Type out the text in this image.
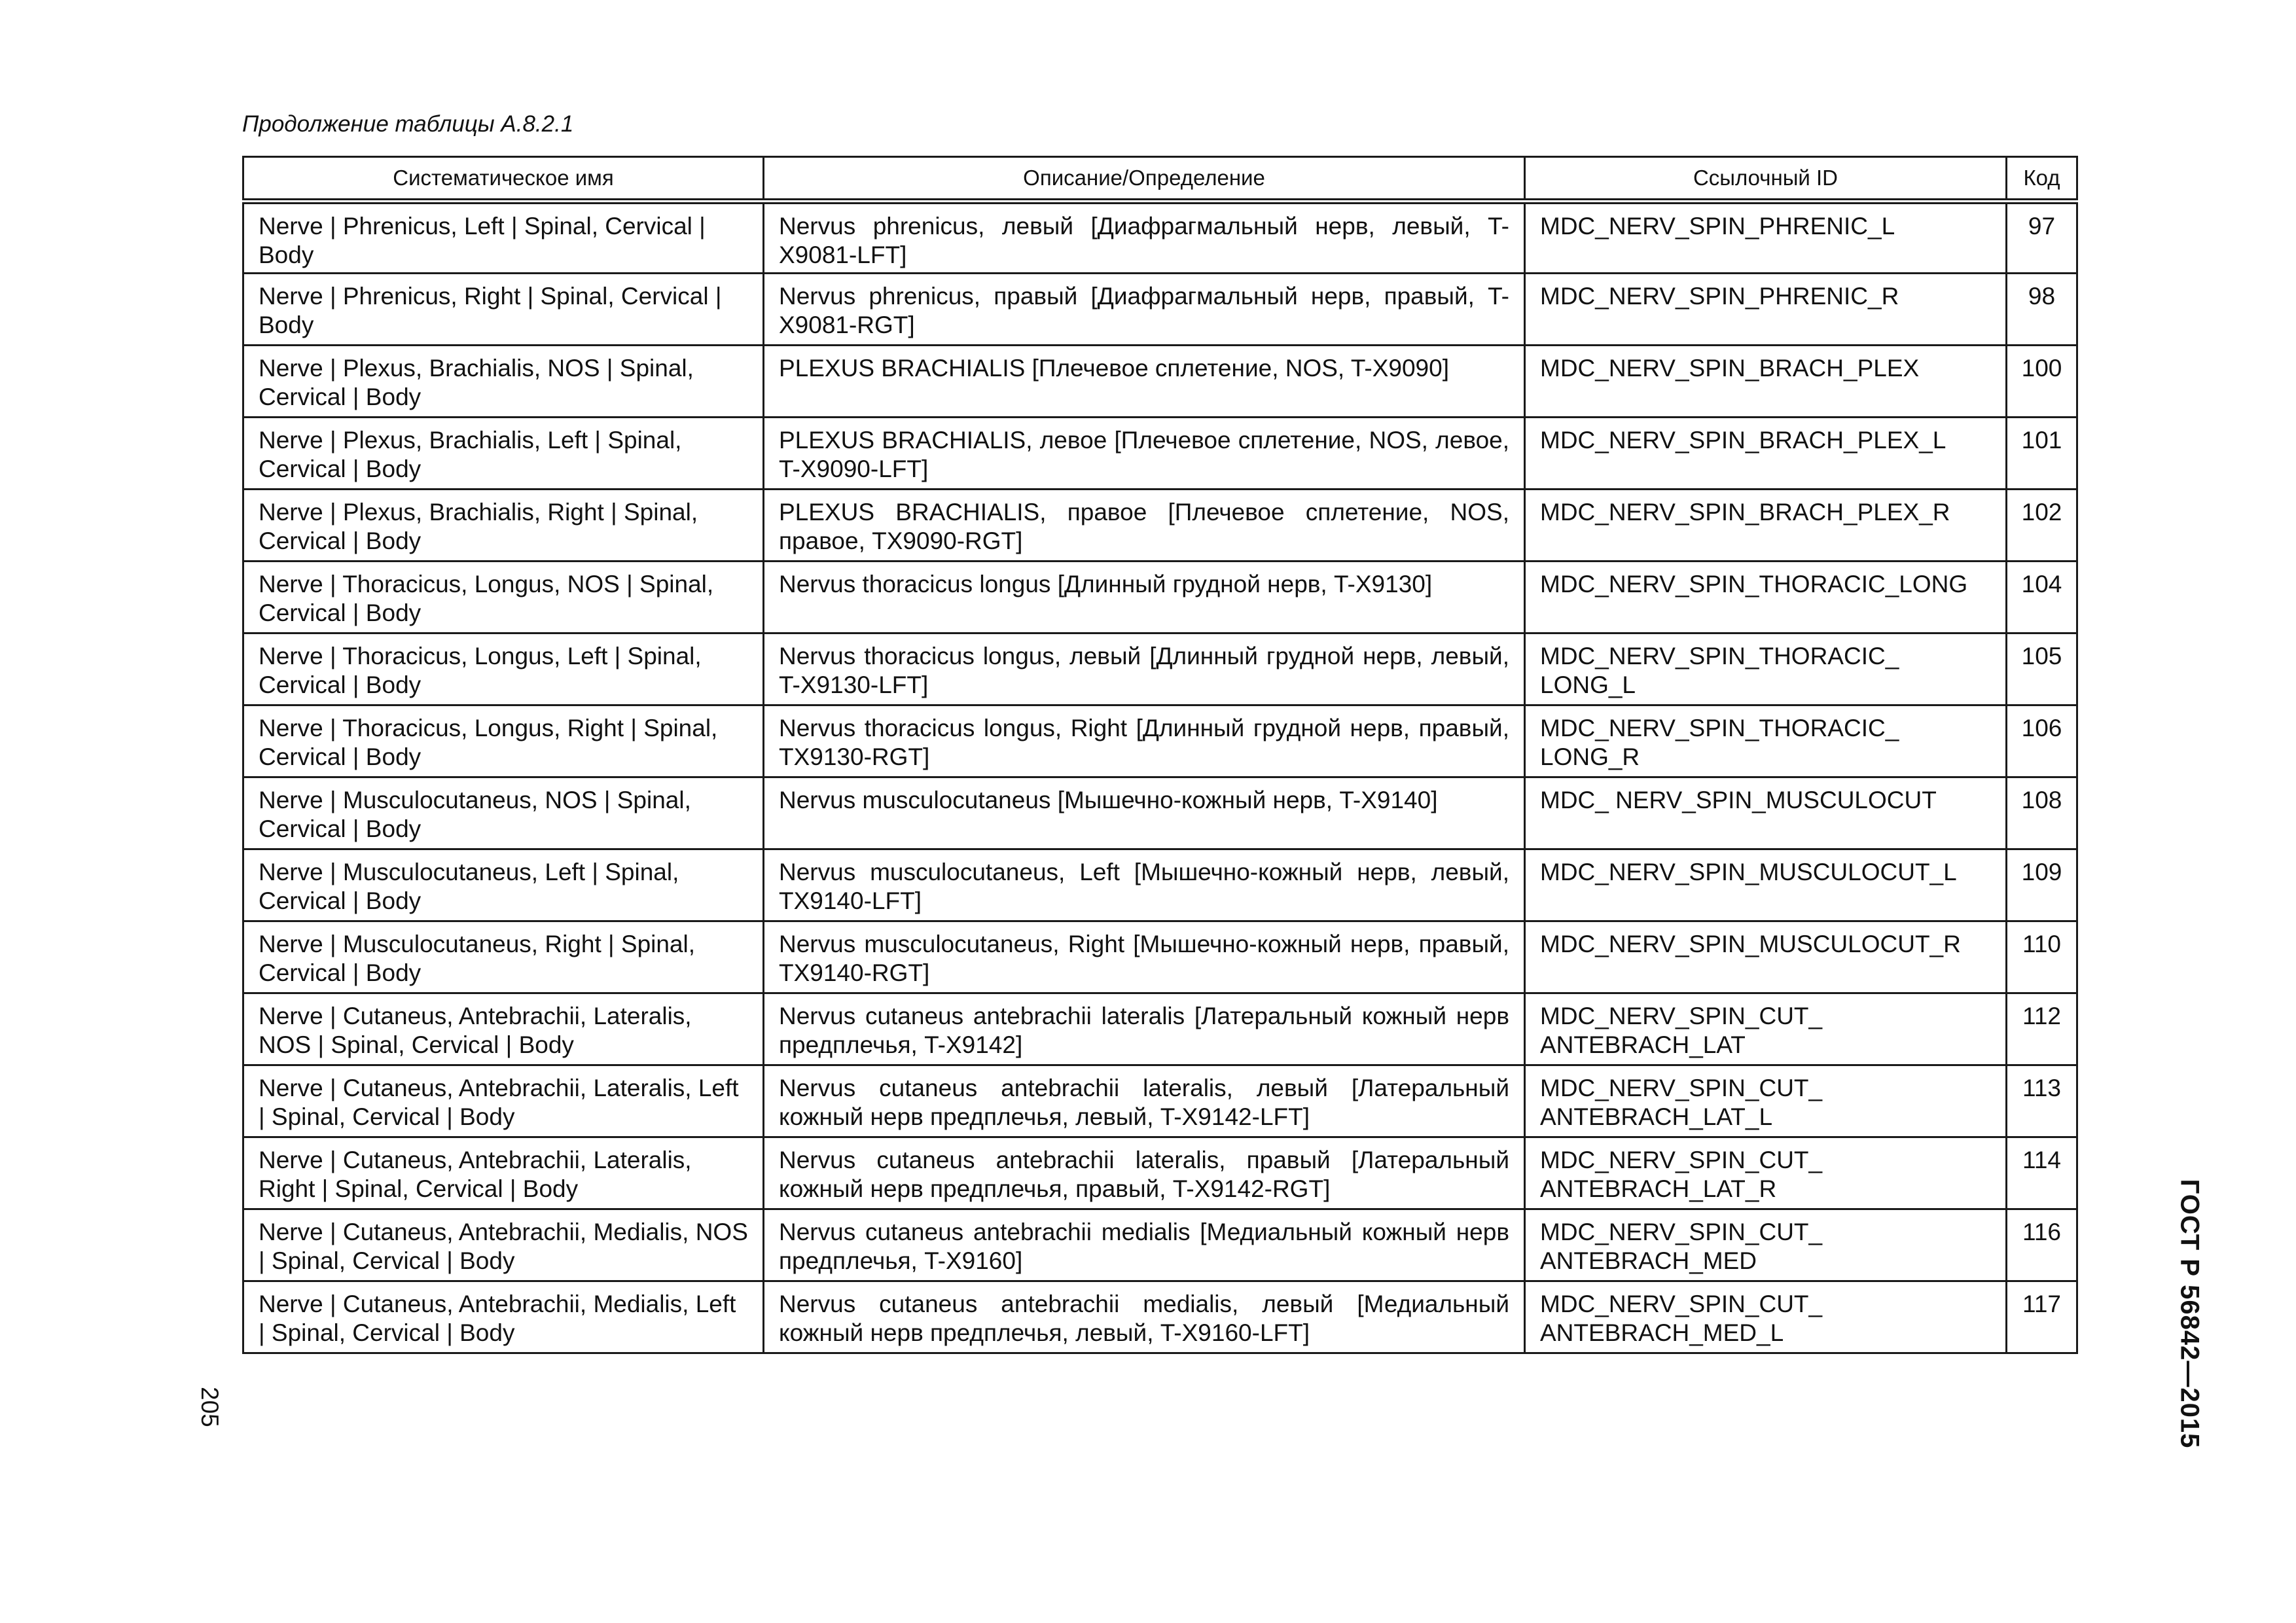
Продолжение таблицы А.8.2.1
Систематическое имя	Описание/Определение	Ссылочный ID	Код
Nerve | Phrenicus, Left | Spinal, Cervical | Body	Nervus phrenicus, левый [Диафрагмальный нерв, левый, T-X9081-LFT]	MDC_NERV_SPIN_PHRENIC_L	97
Nerve | Phrenicus, Right | Spinal, Cervical | Body	Nervus phrenicus, правый [Диафрагмальный нерв, правый, T-X9081-RGT]	MDC_NERV_SPIN_PHRENIC_R	98
Nerve | Plexus, Brachialis, NOS | Spinal, Cervical | Body	PLEXUS BRACHIALIS [Плечевое сплетение, NOS, T-X9090]	MDC_NERV_SPIN_BRACH_PLEX	100
Nerve | Plexus, Brachialis, Left | Spinal, Cervical | Body	PLEXUS BRACHIALIS, левое [Плечевое сплетение, NOS, левое, T-X9090-LFT]	MDC_NERV_SPIN_BRACH_PLEX_L	101
Nerve | Plexus, Brachialis, Right | Spinal, Cervical | Body	PLEXUS BRACHIALIS, правое [Плечевое сплетение, NOS, правое, TX9090-RGT]	MDC_NERV_SPIN_BRACH_PLEX_R	102
Nerve | Thoracicus, Longus, NOS | Spinal, Cervical | Body	Nervus thoracicus longus [Длинный грудной нерв, T-X9130]	MDC_NERV_SPIN_THORACIC_LONG	104
Nerve | Thoracicus, Longus, Left | Spinal, Cervical | Body	Nervus thoracicus longus, левый [Длинный грудной нерв, левый, T-X9130-LFT]	MDC_NERV_SPIN_THORACIC_ LONG_L	105
Nerve | Thoracicus, Longus, Right | Spinal, Cervical | Body	Nervus thoracicus longus, Right [Длинный грудной нерв, правый, TX9130-RGT]	MDC_NERV_SPIN_THORACIC_ LONG_R	106
Nerve | Musculocutaneus, NOS | Spinal, Cervical | Body	Nervus musculocutaneus [Мышечно-кожный нерв, T-X9140]	MDC_ NERV_SPIN_MUSCULOCUT	108
Nerve | Musculocutaneus, Left | Spinal, Cervical | Body	Nervus musculocutaneus, Left [Мышечно-кожный нерв, левый, TX9140-LFT]	MDC_NERV_SPIN_MUSCULOCUT_L	109
Nerve | Musculocutaneus, Right | Spinal, Cervical | Body	Nervus musculocutaneus, Right [Мышечно-кожный нерв, правый, TX9140-RGT]	MDC_NERV_SPIN_MUSCULOCUT_R	110
Nerve | Cutaneus, Antebrachii, Lateralis, NOS | Spinal, Cervical | Body	Nervus cutaneus antebrachii lateralis [Латеральный кожный нерв предплечья, T-X9142]	MDC_NERV_SPIN_CUT_ ANTEBRACH_LAT	112
Nerve | Cutaneus, Antebrachii, Lateralis, Left | Spinal, Cervical | Body	Nervus cutaneus antebrachii lateralis, левый [Латеральный кожный нерв предплечья, левый, T-X9142-LFT]	MDC_NERV_SPIN_CUT_ ANTEBRACH_LAT_L	113
Nerve | Cutaneus, Antebrachii, Lateralis, Right | Spinal, Cervical | Body	Nervus cutaneus antebrachii lateralis, правый [Латеральный кожный нерв предплечья, правый, T-X9142-RGT]	MDC_NERV_SPIN_CUT_ ANTEBRACH_LAT_R	114
Nerve | Cutaneus, Antebrachii, Medialis, NOS | Spinal, Cervical | Body	Nervus cutaneus antebrachii medialis [Медиальный кожный нерв предплечья, T-X9160]	MDC_NERV_SPIN_CUT_ ANTEBRACH_MED	116
Nerve | Cutaneus, Antebrachii, Medialis, Left | Spinal, Cervical | Body	Nervus cutaneus antebrachii medialis, левый [Медиальный кожный нерв предплечья, левый, T-X9160-LFT]	MDC_NERV_SPIN_CUT_ ANTEBRACH_MED_L	117
205	ГОСТ Р 56842—2015
